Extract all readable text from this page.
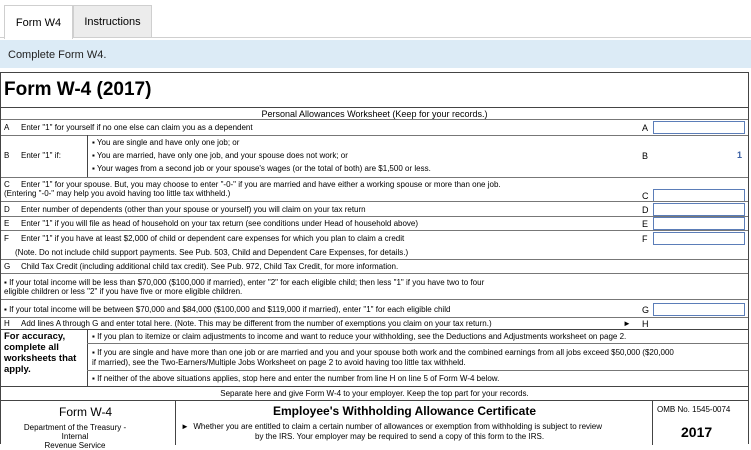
Form W4	Instructions
Complete Form W4.
Form W-4 (2017)
Personal Allowances Worksheet (Keep for your records.)
A Enter "1" for yourself if no one else can claim you as a dependent	A
B Enter "1" if:
▪ You are single and have only one job; or
▪ You are married, have only one job, and your spouse does not work; or
▪ Your wages from a second job or your spouse's wages (or the total of both) are $1,500 or less.
B	1
C Enter "1" for your spouse. But, you may choose to enter "-0-" if you are married and have either a working spouse or more than one job.
(Entering "-0-" may help you avoid having too little tax withheld.)	C
D Enter number of dependents (other than your spouse or yourself) you will claim on your tax return	D
E Enter "1" if you will file as head of household on your tax return (see conditions under Head of household above)	E
F Enter "1" if you have at least $2,000 of child or dependent care expenses for which you plan to claim a credit	F
(Note. Do not include child support payments. See Pub. 503, Child and Dependent Care Expenses, for details.)
G Child Tax Credit (including additional child tax credit). See Pub. 972, Child Tax Credit, for more information.
▪ If your total income will be less than $70,000 ($100,000 if married), enter "2" for each eligible child; then less "1" if you have two to four
eligible children or less "2" if you have five or more eligible children.
▪ If your total income will be between $70,000 and $84,000 ($100,000 and $119,000 if married), enter "1" for each eligible child	G
H Add lines A through G and enter total here. (Note. This may be different from the number of exemptions you claim on your tax return.)	► H
For accuracy,
complete all
worksheets that
apply.
▪ If you plan to itemize or claim adjustments to income and want to reduce your withholding, see the Deductions and Adjustments worksheet on page 2.
▪ If you are single and have more than one job or are married and you and your spouse both work and the combined earnings from all jobs exceed $50,000 ($20,000
if married), see the Two-Earners/Multiple Jobs Worksheet on page 2 to avoid having too little tax withheld.
▪ If neither of the above situations applies, stop here and enter the number from line H on line 5 of Form W-4 below.
Separate here and give Form W-4 to your employer. Keep the top part for your records.
Form W-4
Department of the Treasury - Internal
Revenue Service
Employee's Withholding Allowance Certificate
► Whether you are entitled to claim a certain number of allowances or exemption from withholding is subject to review
by the IRS. Your employer may be required to send a copy of this form to the IRS.
OMB No. 1545-0074
2017
